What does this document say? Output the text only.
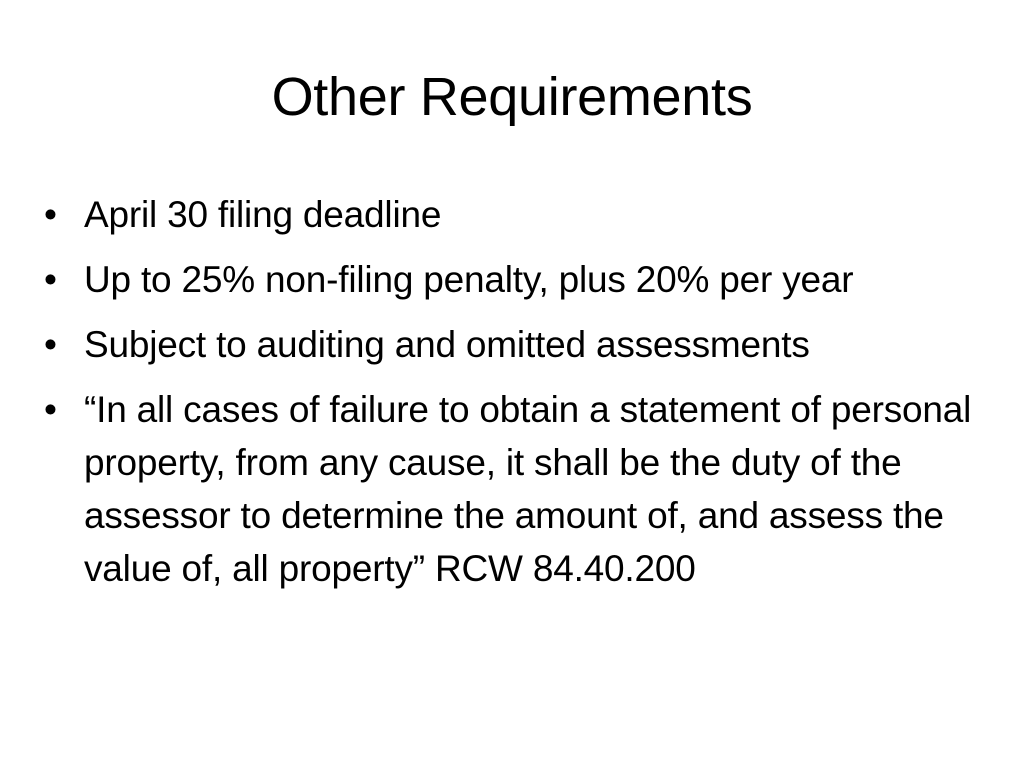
Other Requirements
• April 30 filing deadline
• Up to 25% non-filing penalty, plus 20% per year
• Subject to auditing and omitted assessments
• “In all cases of failure to obtain a statement of personal property, from any cause, it shall be the duty of the assessor to determine the amount of, and assess the value of, all property” RCW 84.40.200
